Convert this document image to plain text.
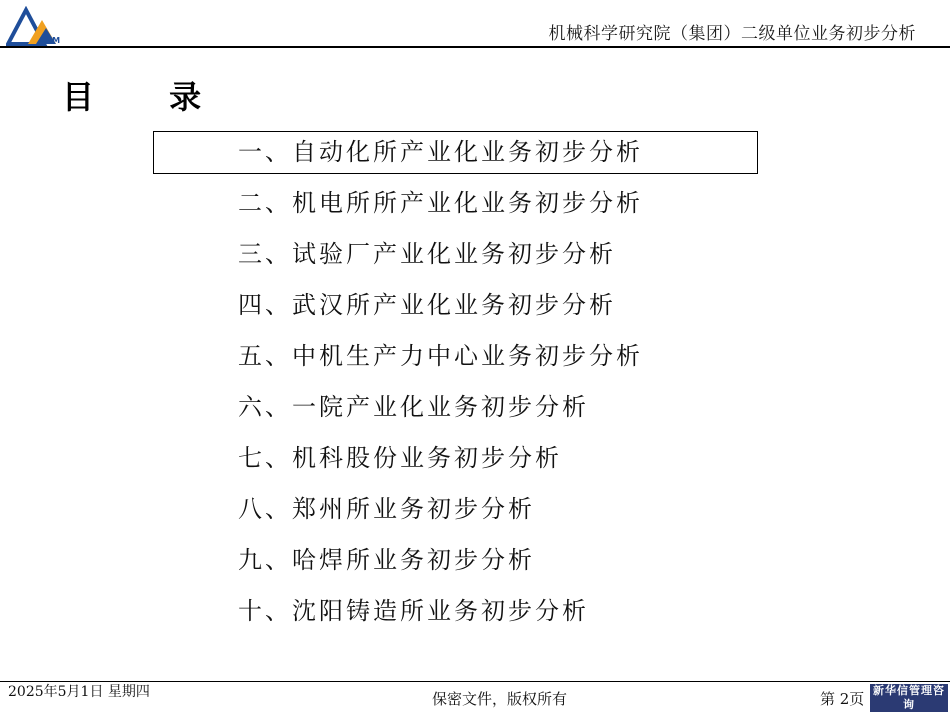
CAM	机械科学研究院（集团）二级单位业务初步分析
目 录
一、自动化所产业化业务初步分析
二、机电所所产业化业务初步分析
三、试验厂产业化业务初步分析
四、武汉所产业化业务初步分析
五、中机生产力中心业务初步分析
六、一院产业化业务初步分析
七、机科股份业务初步分析
八、郑州所业务初步分析
九、哈焊所业务初步分析
十、沈阳铸造所业务初步分析
2025年5月1日 星期四	保密文件，版权所有	第 2页 新华信管理咨询
SINOTRUST
